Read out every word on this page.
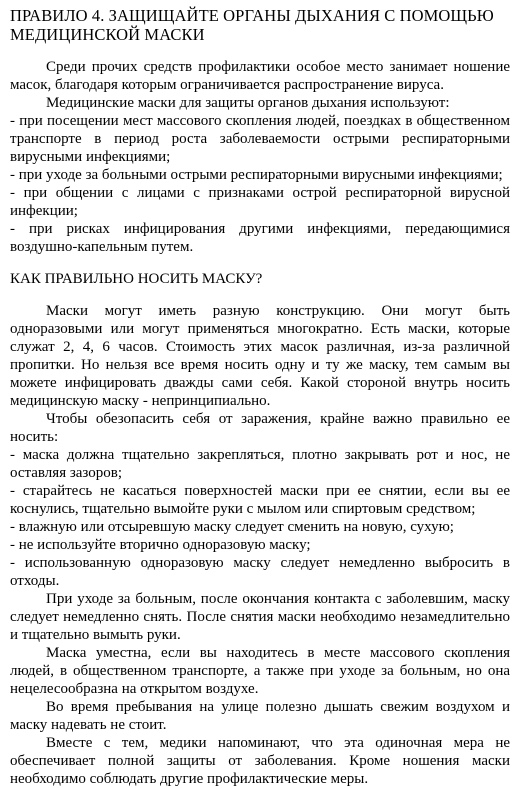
ПРАВИЛО 4. ЗАЩИЩАЙТЕ ОРГАНЫ ДЫХАНИЯ С ПОМОЩЬЮ МЕДИЦИНСКОЙ МАСКИ

Среди прочих средств профилактики особое место занимает ношение масок, благодаря которым ограничивается распространение вируса.

Медицинские маски для защиты органов дыхания используют:

- при посещении мест массового скопления людей, поездках в общественном транспорте в период роста заболеваемости острыми респираторными вирусными инфекциями;

- при уходе за больными острыми респираторными вирусными инфекциями;

- при общении с лицами с признаками острой респираторной вирусной инфекции;

- при рисках инфицирования другими инфекциями, передающимися воздушно-капельным путем.

КАК ПРАВИЛЬНО НОСИТЬ МАСКУ?

Маски могут иметь разную конструкцию. Они могут быть одноразовыми или могут применяться многократно. Есть маски, которые служат 2, 4, 6 часов. Стоимость этих масок различная, из-за различной пропитки. Но нельзя все время носить одну и ту же маску, тем самым вы можете инфицировать дважды сами себя. Какой стороной внутрь носить медицинскую маску - непринципиально.

Чтобы обезопасить себя от заражения, крайне важно правильно ее носить:

- маска должна тщательно закрепляться, плотно закрывать рот и нос, не оставляя зазоров;

- старайтесь не касаться поверхностей маски при ее снятии, если вы ее коснулись, тщательно вымойте руки с мылом или спиртовым средством;

- влажную или отсыревшую маску следует сменить на новую, сухую;

- не используйте вторично одноразовую маску;

- использованную одноразовую маску следует немедленно выбросить в отходы.

При уходе за больным, после окончания контакта с заболевшим, маску следует немедленно снять. После снятия маски необходимо незамедлительно и тщательно вымыть руки.

Маска уместна, если вы находитесь в месте массового скопления людей, в общественном транспорте, а также при уходе за больным, но она нецелесообразна на открытом воздухе.

Во время пребывания на улице полезно дышать свежим воздухом и маску надевать не стоит.

Вместе с тем, медики напоминают, что эта одиночная мера не обеспечивает полной защиты от заболевания. Кроме ношения маски необходимо соблюдать другие профилактические меры.
